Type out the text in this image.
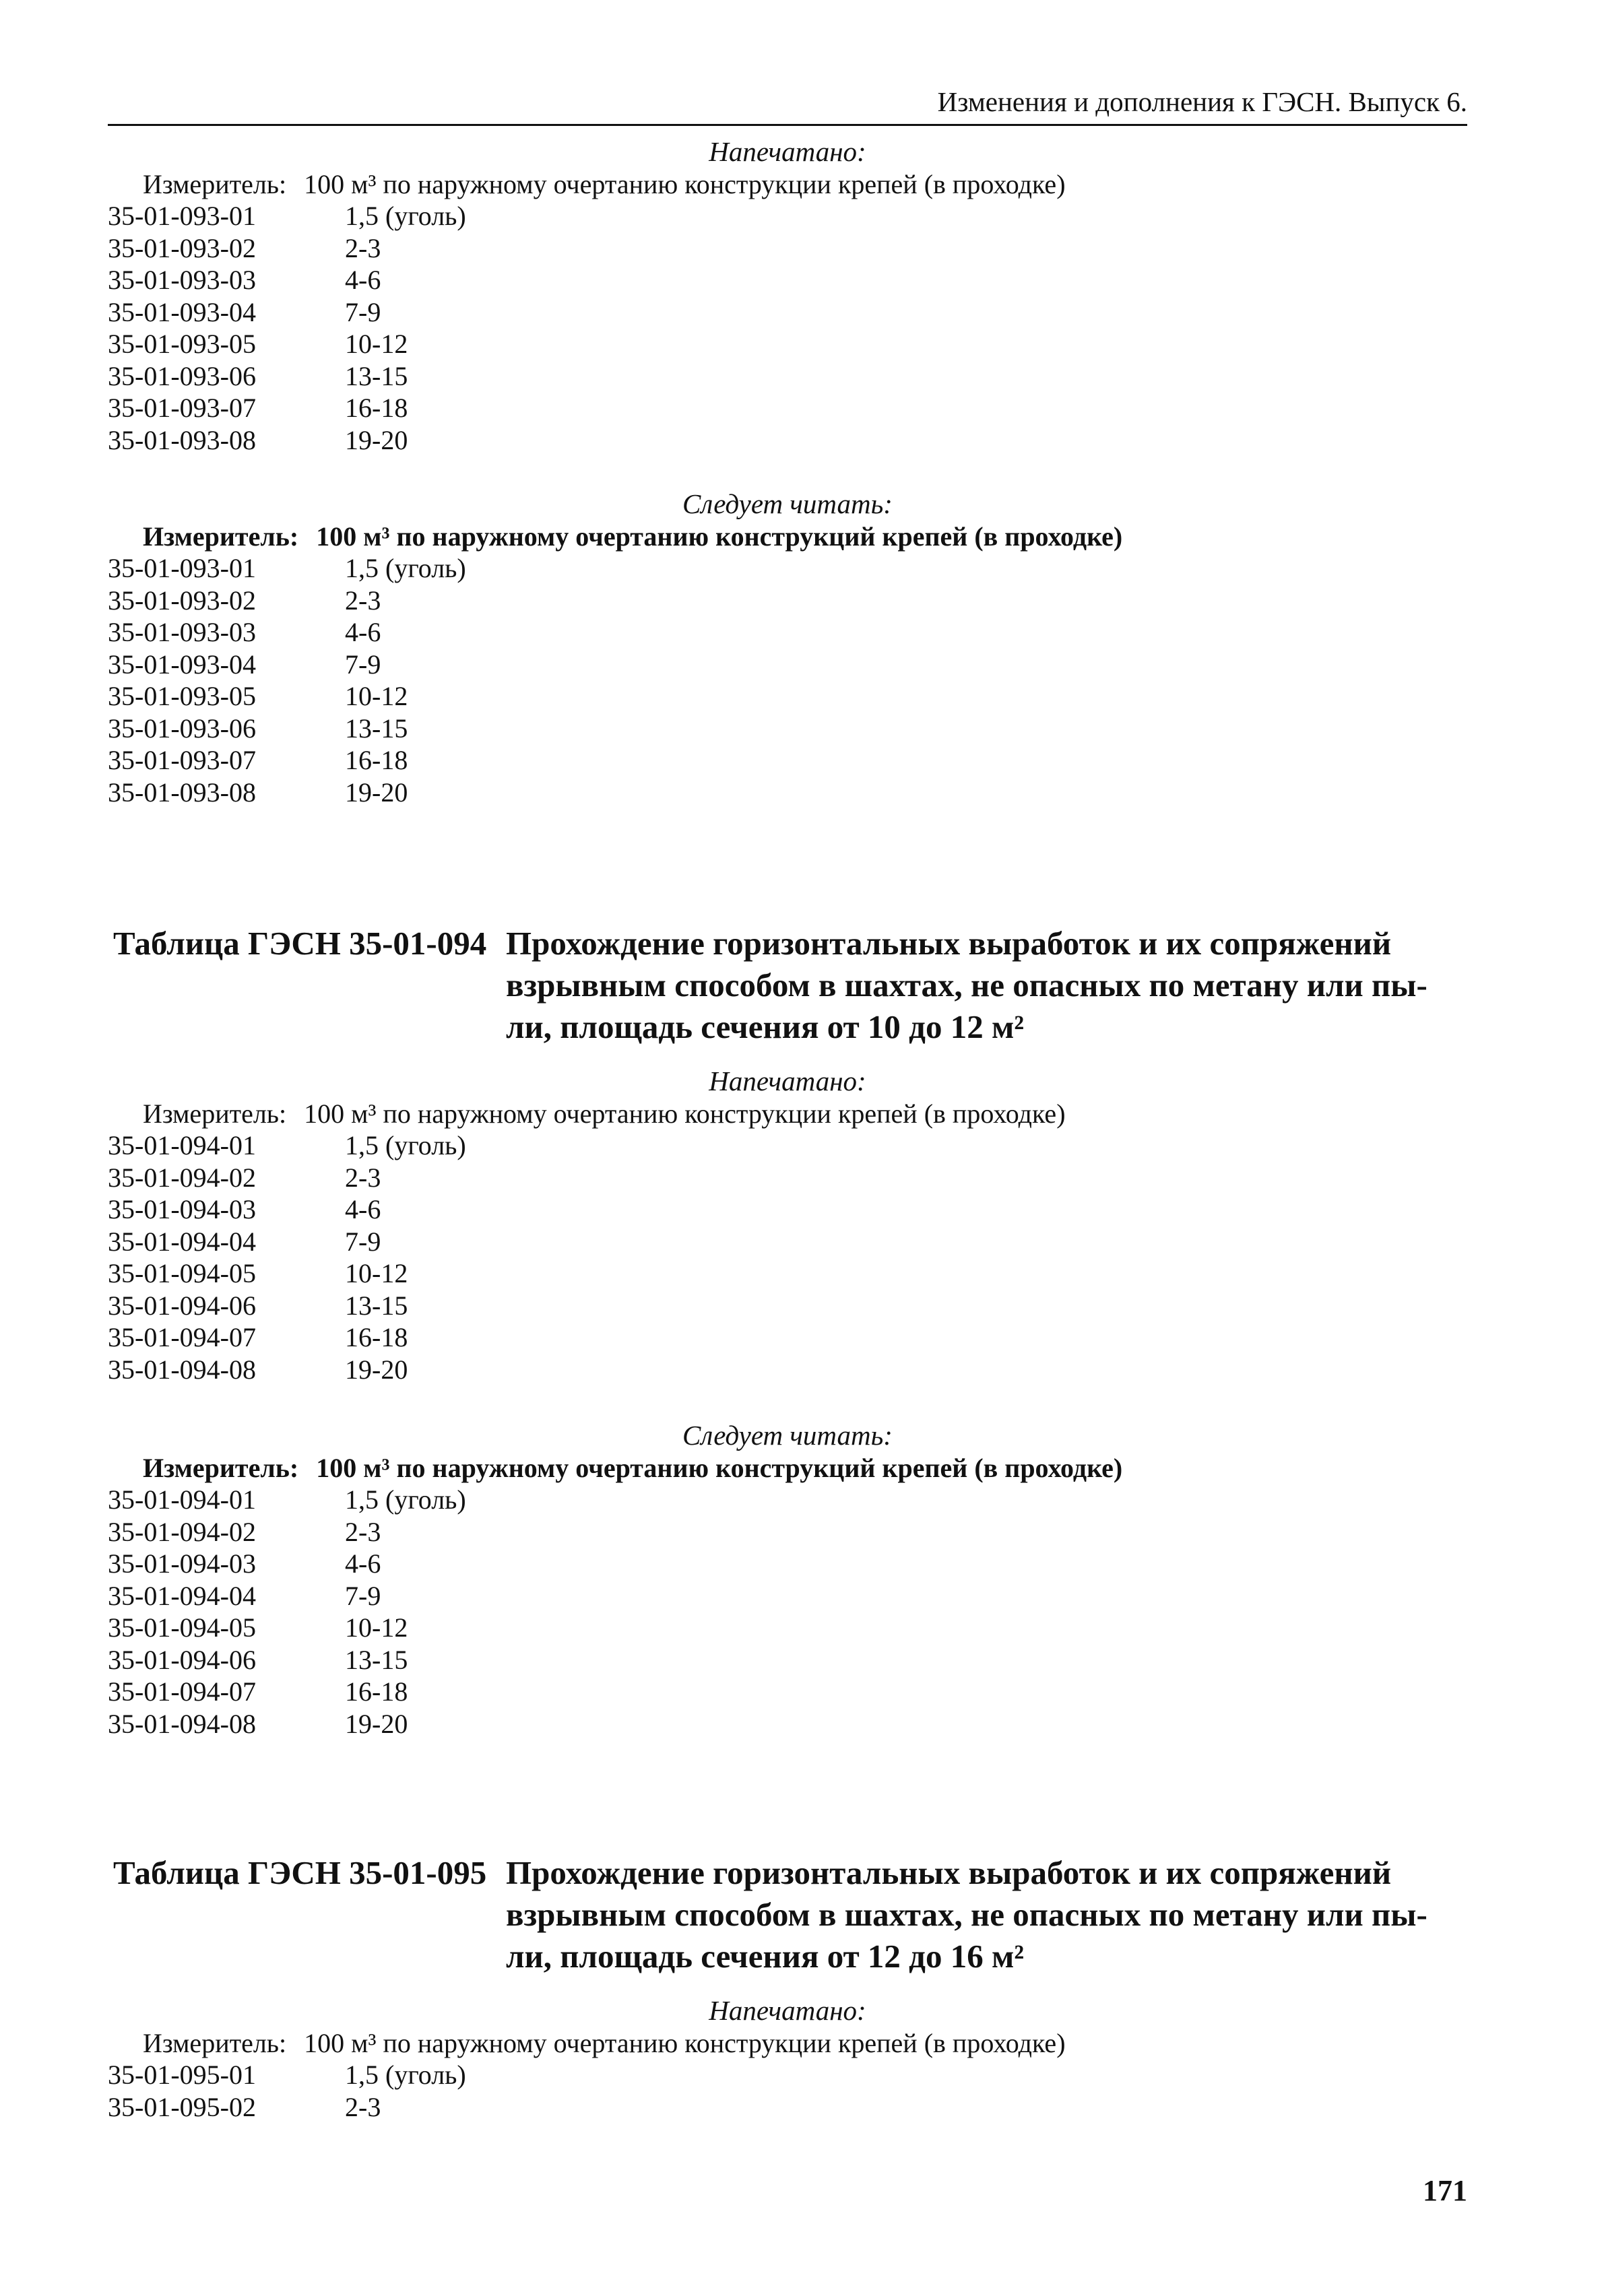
Изменения и дополнения к ГЭСН. Выпуск 6.
Напечатано:
Измеритель: 100 м³ по наружному очертанию конструкции крепей (в проходке)
35-01-093-01	1,5 (уголь)
35-01-093-02	2-3
35-01-093-03	4-6
35-01-093-04	7-9
35-01-093-05	10-12
35-01-093-06	13-15
35-01-093-07	16-18
35-01-093-08	19-20
Следует читать:
Измеритель: 100 м³ по наружному очертанию конструкций крепей (в проходке)
35-01-093-01	1,5 (уголь)
35-01-093-02	2-3
35-01-093-03	4-6
35-01-093-04	7-9
35-01-093-05	10-12
35-01-093-06	13-15
35-01-093-07	16-18
35-01-093-08	19-20
Таблица ГЭСН 35-01-094 Прохождение горизонтальных выработок и их сопряжений
взрывным способом в шахтах, не опасных по метану или пы-
ли, площадь сечения от 10 до 12 м²
Напечатано:
Измеритель: 100 м³ по наружному очертанию конструкции крепей (в проходке)
35-01-094-01	1,5 (уголь)
35-01-094-02	2-3
35-01-094-03	4-6
35-01-094-04	7-9
35-01-094-05	10-12
35-01-094-06	13-15
35-01-094-07	16-18
35-01-094-08	19-20
Следует читать:
Измеритель: 100 м³ по наружному очертанию конструкций крепей (в проходке)
35-01-094-01	1,5 (уголь)
35-01-094-02	2-3
35-01-094-03	4-6
35-01-094-04	7-9
35-01-094-05	10-12
35-01-094-06	13-15
35-01-094-07	16-18
35-01-094-08	19-20
Таблица ГЭСН 35-01-095 Прохождение горизонтальных выработок и их сопряжений
взрывным способом в шахтах, не опасных по метану или пы-
ли, площадь сечения от 12 до 16 м²
Напечатано:
Измеритель: 100 м³ по наружному очертанию конструкции крепей (в проходке)
35-01-095-01	1,5 (уголь)
35-01-095-02	2-3
171
